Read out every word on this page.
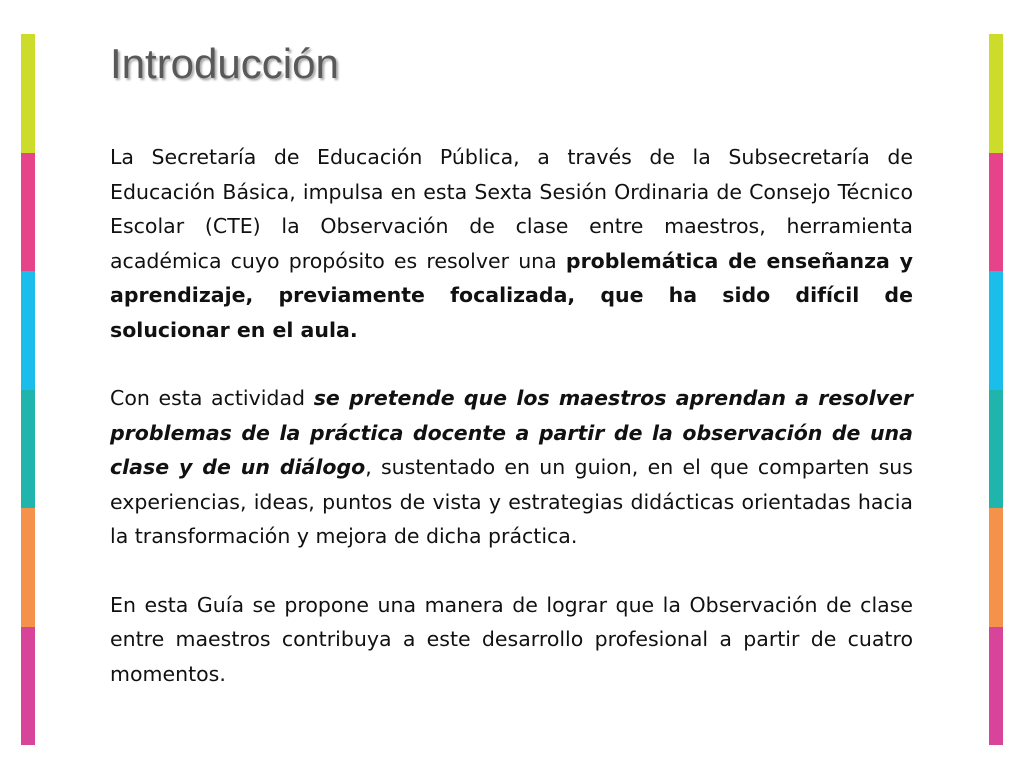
Introducción

La Secretaría de Educación Pública, a través de la Subsecretaría de Educación Básica, impulsa en esta Sexta Sesión Ordinaria de Consejo Técnico Escolar (CTE) la Observación de clase entre maestros, herramienta académica cuyo propósito es resolver una problemática de enseñanza y aprendizaje, previamente focalizada, que ha sido difícil de solucionar en el aula.

Con esta actividad se pretende que los maestros aprendan a resolver problemas de la práctica docente a partir de la observación de una clase y de un diálogo, sustentado en un guion, en el que comparten sus experiencias, ideas, puntos de vista y estrategias didácticas orientadas hacia la transformación y mejora de dicha práctica.

En esta Guía se propone una manera de lograr que la Observación de clase entre maestros contribuya a este desarrollo profesional a partir de cuatro momentos.
